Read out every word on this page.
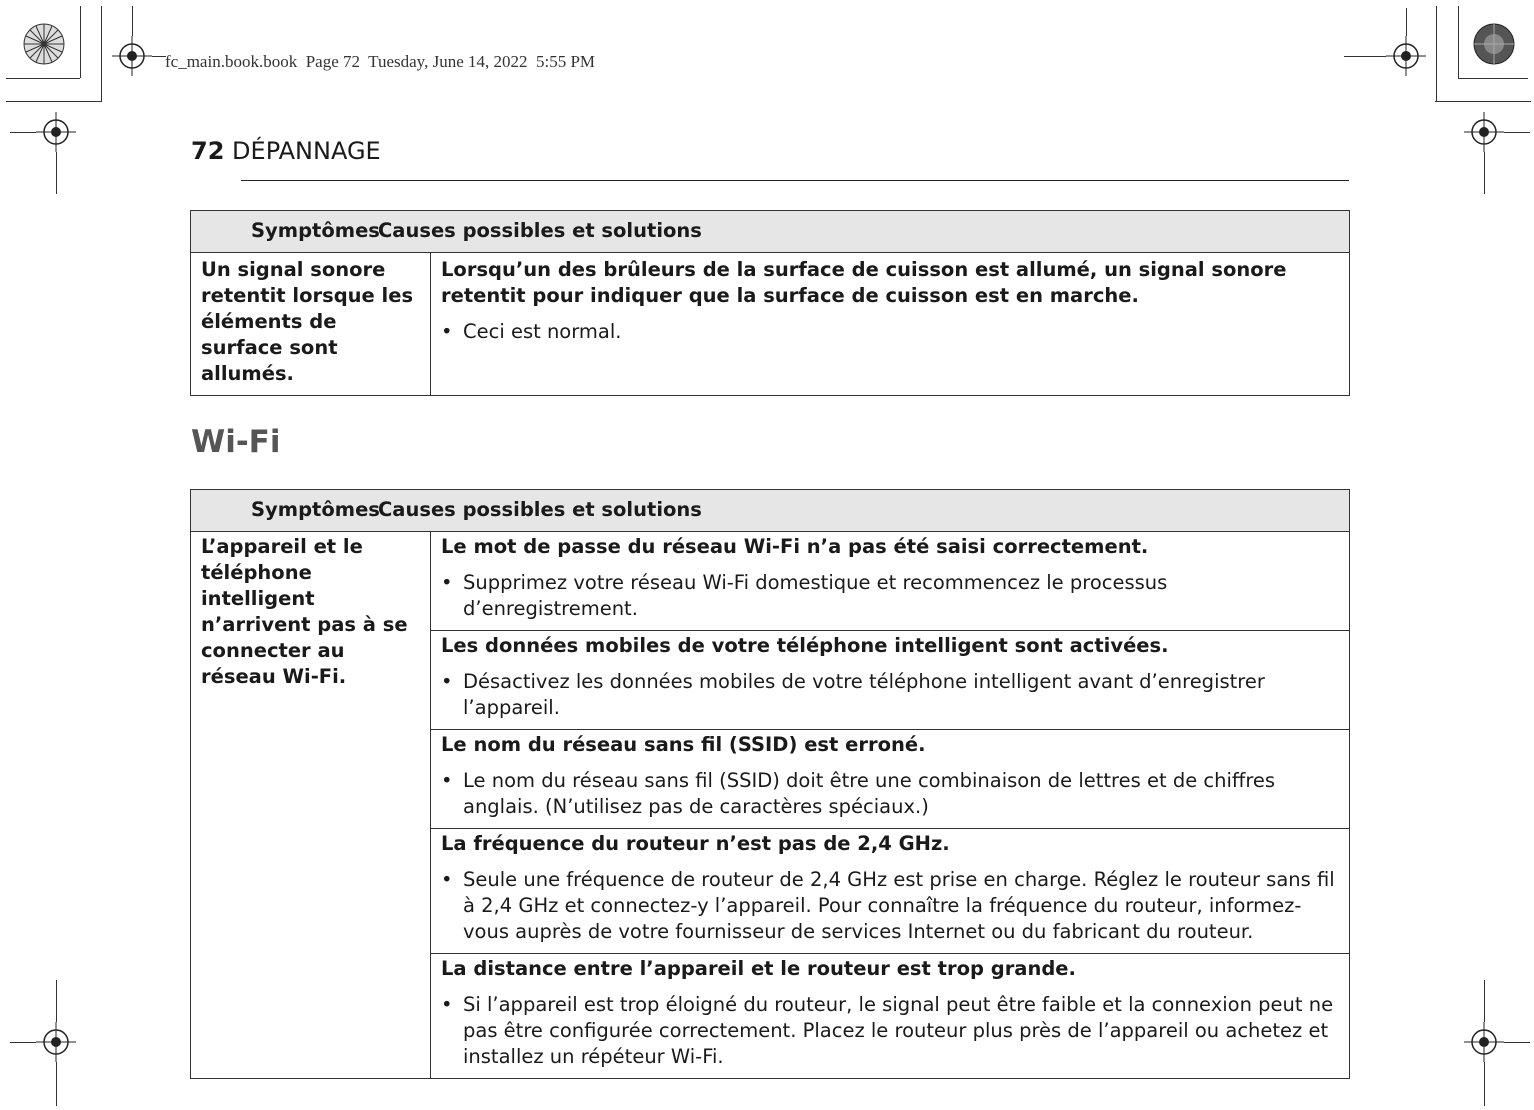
fc_main.book.book  Page 72  Tuesday, June 14, 2022  5:55 PM
72 DÉPANNAGE
Symptômes
Causes possibles et solutions
Un signal sonore retentit lorsque les éléments de surface sont allumés.
Lorsqu’un des brûleurs de la surface de cuisson est allumé, un signal sonore retentit pour indiquer que la surface de cuisson est en marche.
• Ceci est normal.
Wi-Fi
Symptômes
Causes possibles et solutions
L’appareil et le téléphone intelligent n’arrivent pas à se connecter au réseau Wi-Fi.
Le mot de passe du réseau Wi-Fi n’a pas été saisi correctement.
• Supprimez votre réseau Wi-Fi domestique et recommencez le processus d’enregistrement.
Les données mobiles de votre téléphone intelligent sont activées.
• Désactivez les données mobiles de votre téléphone intelligent avant d’enregistrer l’appareil.
Le nom du réseau sans fil (SSID) est erroné.
• Le nom du réseau sans fil (SSID) doit être une combinaison de lettres et de chiffres anglais. (N’utilisez pas de caractères spéciaux.)
La fréquence du routeur n’est pas de 2,4 GHz.
• Seule une fréquence de routeur de 2,4 GHz est prise en charge. Réglez le routeur sans fil à 2,4 GHz et connectez-y l’appareil. Pour connaître la fréquence du routeur, informez-vous auprès de votre fournisseur de services Internet ou du fabricant du routeur.
La distance entre l’appareil et le routeur est trop grande.
• Si l’appareil est trop éloigné du routeur, le signal peut être faible et la connexion peut ne pas être configurée correctement. Placez le routeur plus près de l’appareil ou achetez et installez un répéteur Wi-Fi.
